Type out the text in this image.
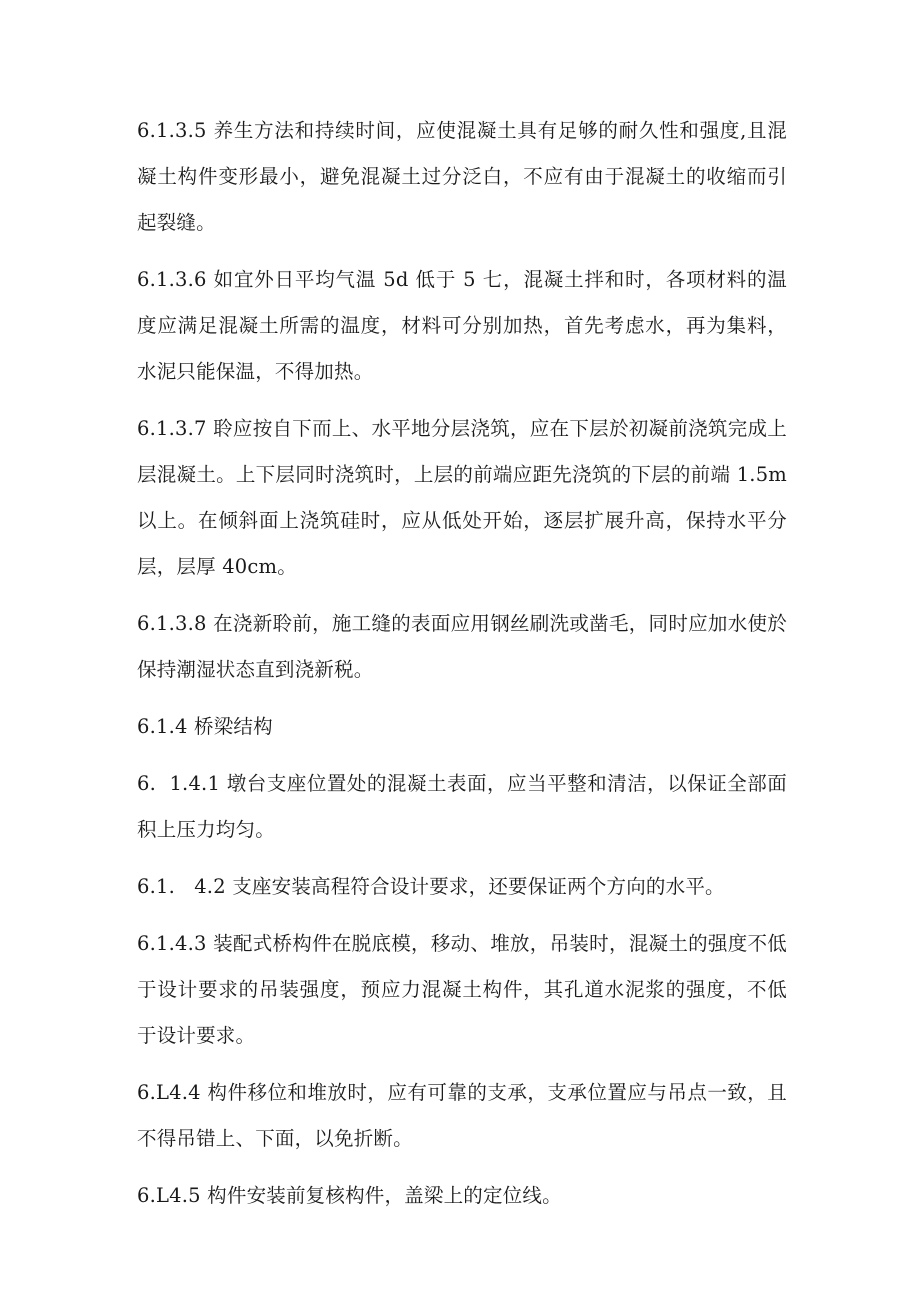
6.1.3.5 养生方法和持续时间，应使混凝土具有足够的耐久性和强度,且混凝土构件变形最小，避免混凝土过分泛白，不应有由于混凝土的收缩而引起裂缝。

6.1.3.6 如宜外日平均气温 5d 低于 5 七，混凝土拌和时，各项材料的温度应满足混凝土所需的温度，材料可分别加热，首先考虑水，再为集料，水泥只能保温，不得加热。

6.1.3.7 聆应按自下而上、水平地分层浇筑，应在下层於初凝前浇筑完成上层混凝土。上下层同时浇筑时，上层的前端应距先浇筑的下层的前端 1.5m 以上。在倾斜面上浇筑硅时，应从低处开始，逐层扩展升高，保持水平分层，层厚 40cm。

6.1.3.8 在浇新聆前，施工缝的表面应用钢丝刷洗或凿毛，同时应加水使於保持潮湿状态直到浇新税。

6.1.4 桥梁结构

6.  1.4.1 墩台支座位置处的混凝土表面，应当平整和清洁，以保证全部面积上压力均匀。

6.1.   4.2 支座安装高程符合设计要求，还要保证两个方向的水平。

6.1.4.3 装配式桥构件在脱底模，移动、堆放，吊装时，混凝土的强度不低于设计要求的吊装强度，预应力混凝土构件，其孔道水泥浆的强度，不低于设计要求。

6.L4.4 构件移位和堆放时，应有可靠的支承，支承位置应与吊点一致，且不得吊错上、下面，以免折断。

6.L4.5 构件安装前复核构件，盖梁上的定位线。
